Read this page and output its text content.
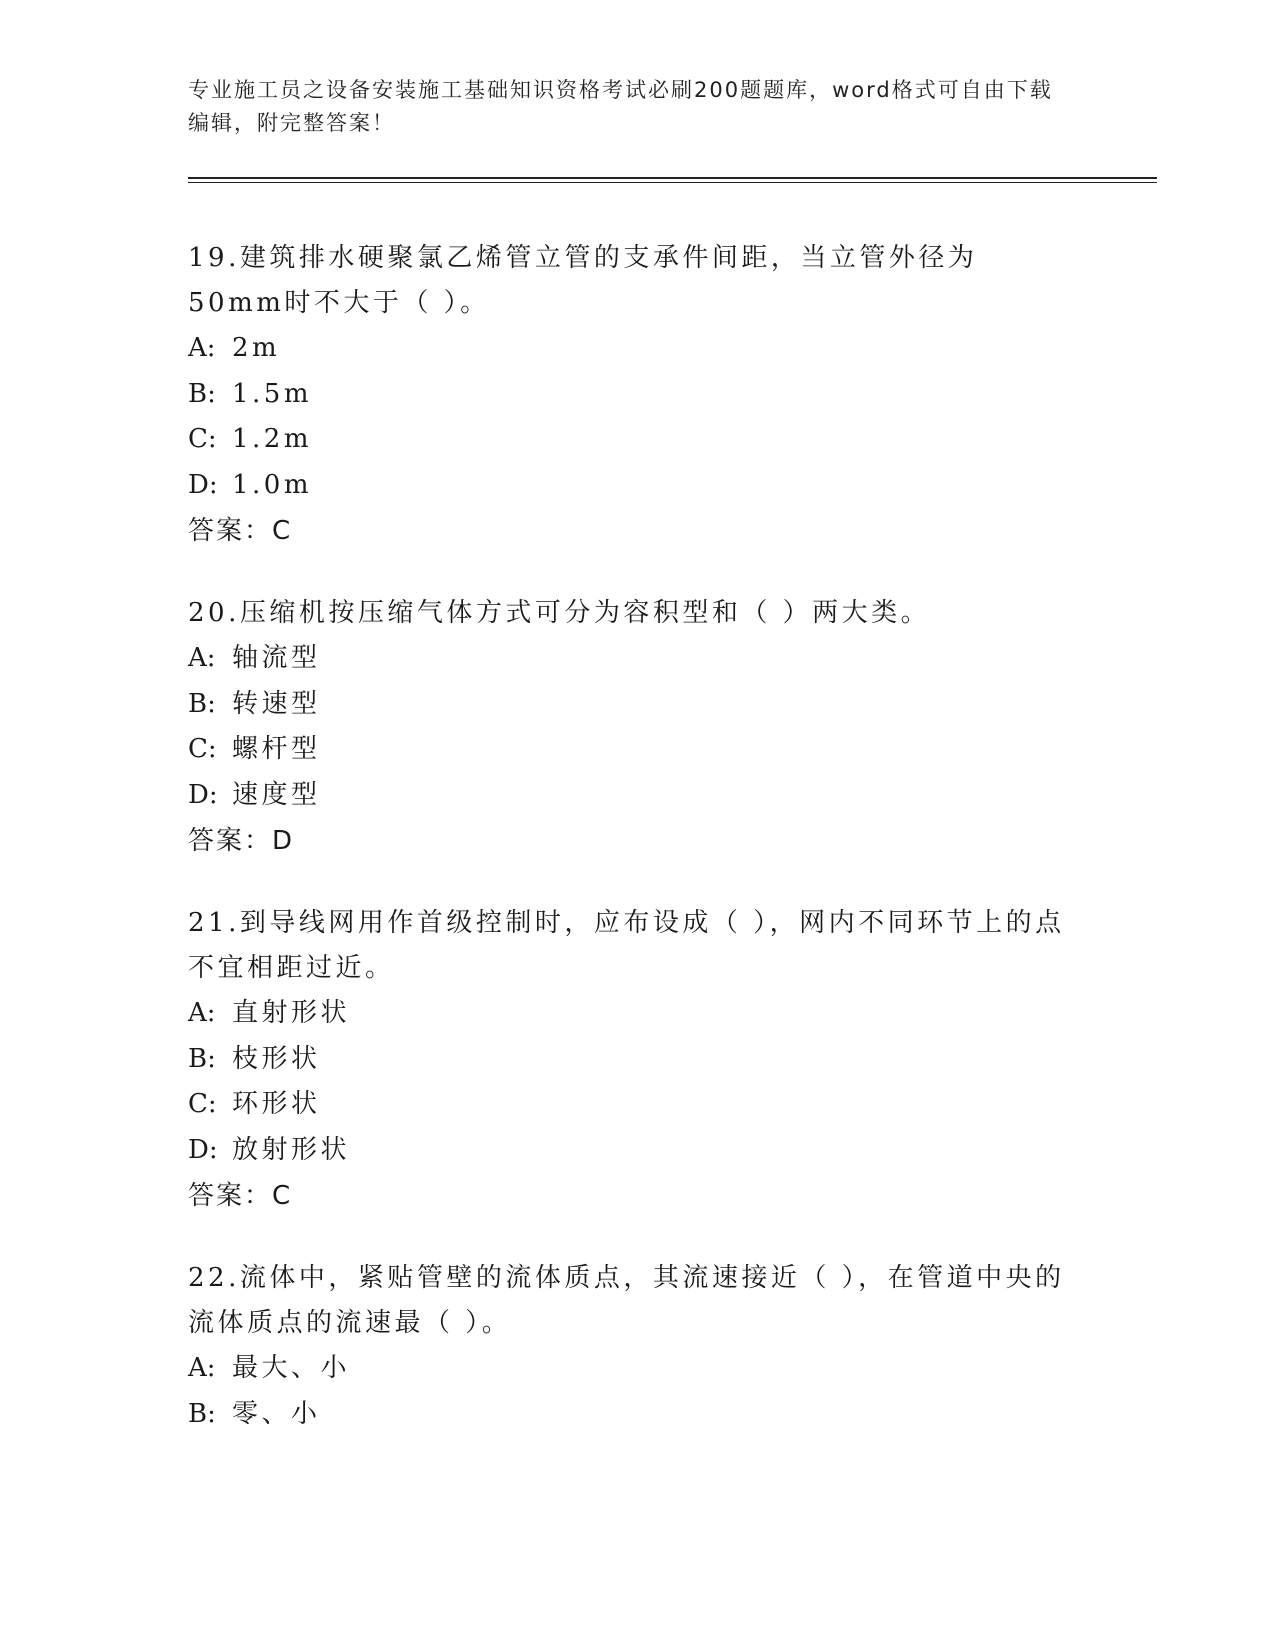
专业施工员之设备安装施工基础知识资格考试必刷200题题库，word格式可自由下载编辑，附完整答案！

19.建筑排水硬聚氯乙烯管立管的支承件间距，当立管外径为50mm时不大于（ ）。

A: 2m

B: 1.5m

C: 1.2m

D: 1.0m

答案：C

20.压缩机按压缩气体方式可分为容积型和（ ）两大类。

A: 轴流型

B: 转速型

C: 螺杆型

D: 速度型

答案：D

21.到导线网用作首级控制时，应布设成（ ），网内不同环节上的点不宜相距过近。

A: 直射形状

B: 枝形状

C: 环形状

D: 放射形状

答案：C

22.流体中，紧贴管壁的流体质点，其流速接近（ ），在管道中央的流体质点的流速最（ ）。

A: 最大、小

B: 零、小
